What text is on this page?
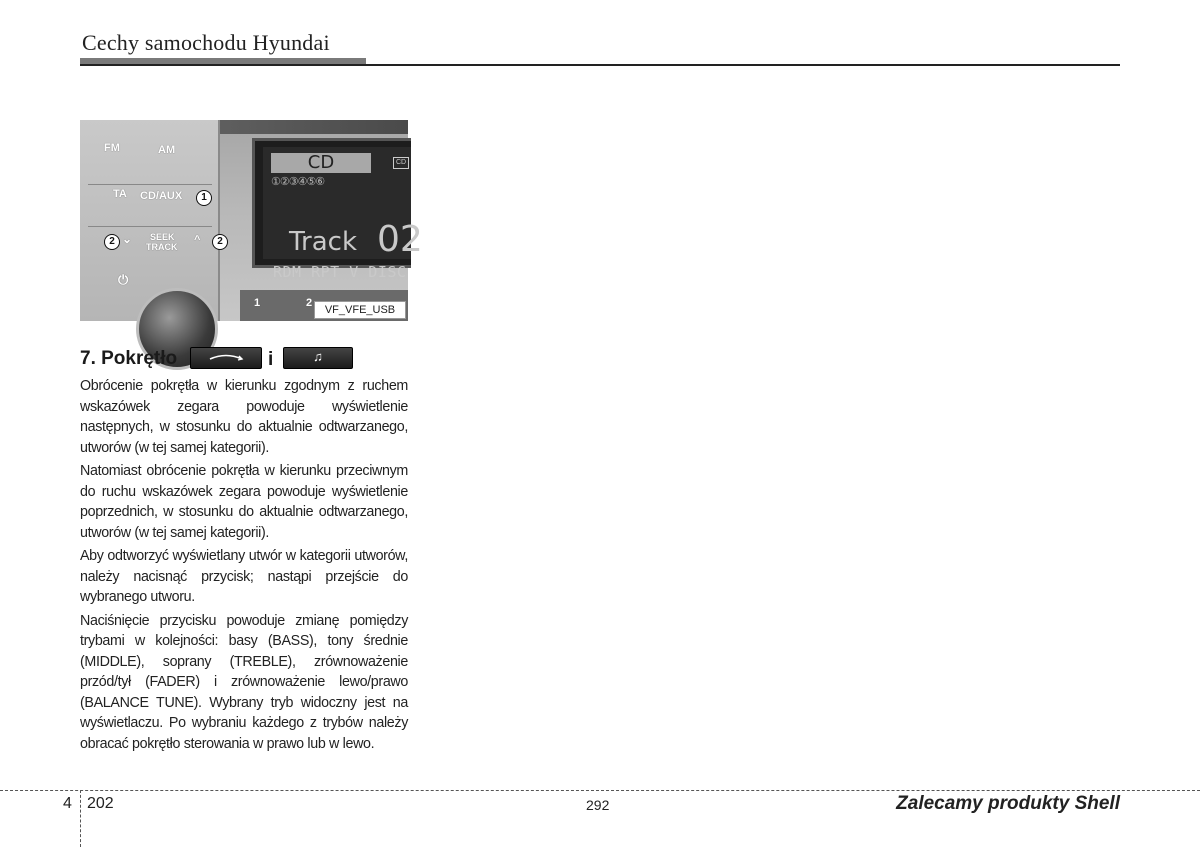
Cechy samochodu Hyundai
FM	AM
TA CD/AUX	1
2 ⌄ SEEK
TRACK
^	2
⏻
CD	CD
①②③④⑤⑥
Track 02
RDM RPT V DISC
1	2
VF_VFE_USB
7. Pokrętło	i	♫

Obrócenie pokrętła w kierunku zgodnym z ruchem wskazówek zegara powoduje wyświetlenie następnych, w stosunku do aktualnie odtwarzanego, utworów (w tej samej kategorii).

Natomiast obrócenie pokrętła w kierunku przeciwnym do ruchu wskazówek zegara powoduje wyświetlenie poprzednich, w stosunku do aktualnie odtwarzanego, utworów (w tej samej kategorii).

Aby odtworzyć wyświetlany utwór w kategorii utworów, należy nacisnąć przycisk; nastąpi przejście do wybranego utworu.

Naciśnięcie przycisku powoduje zmianę pomiędzy trybami w kolejności: basy (BASS), tony średnie (MIDDLE), soprany (TREBLE), zrównoważenie przód/tył (FADER) i zrównoważenie lewo/prawo (BALANCE TUNE). Wybrany tryb widoczny jest na wyświetlaczu. Po wybraniu każdego z trybów należy obracać pokrętło sterowania w prawo lub w lewo.

4 202	292	Zalecamy produkty Shell
